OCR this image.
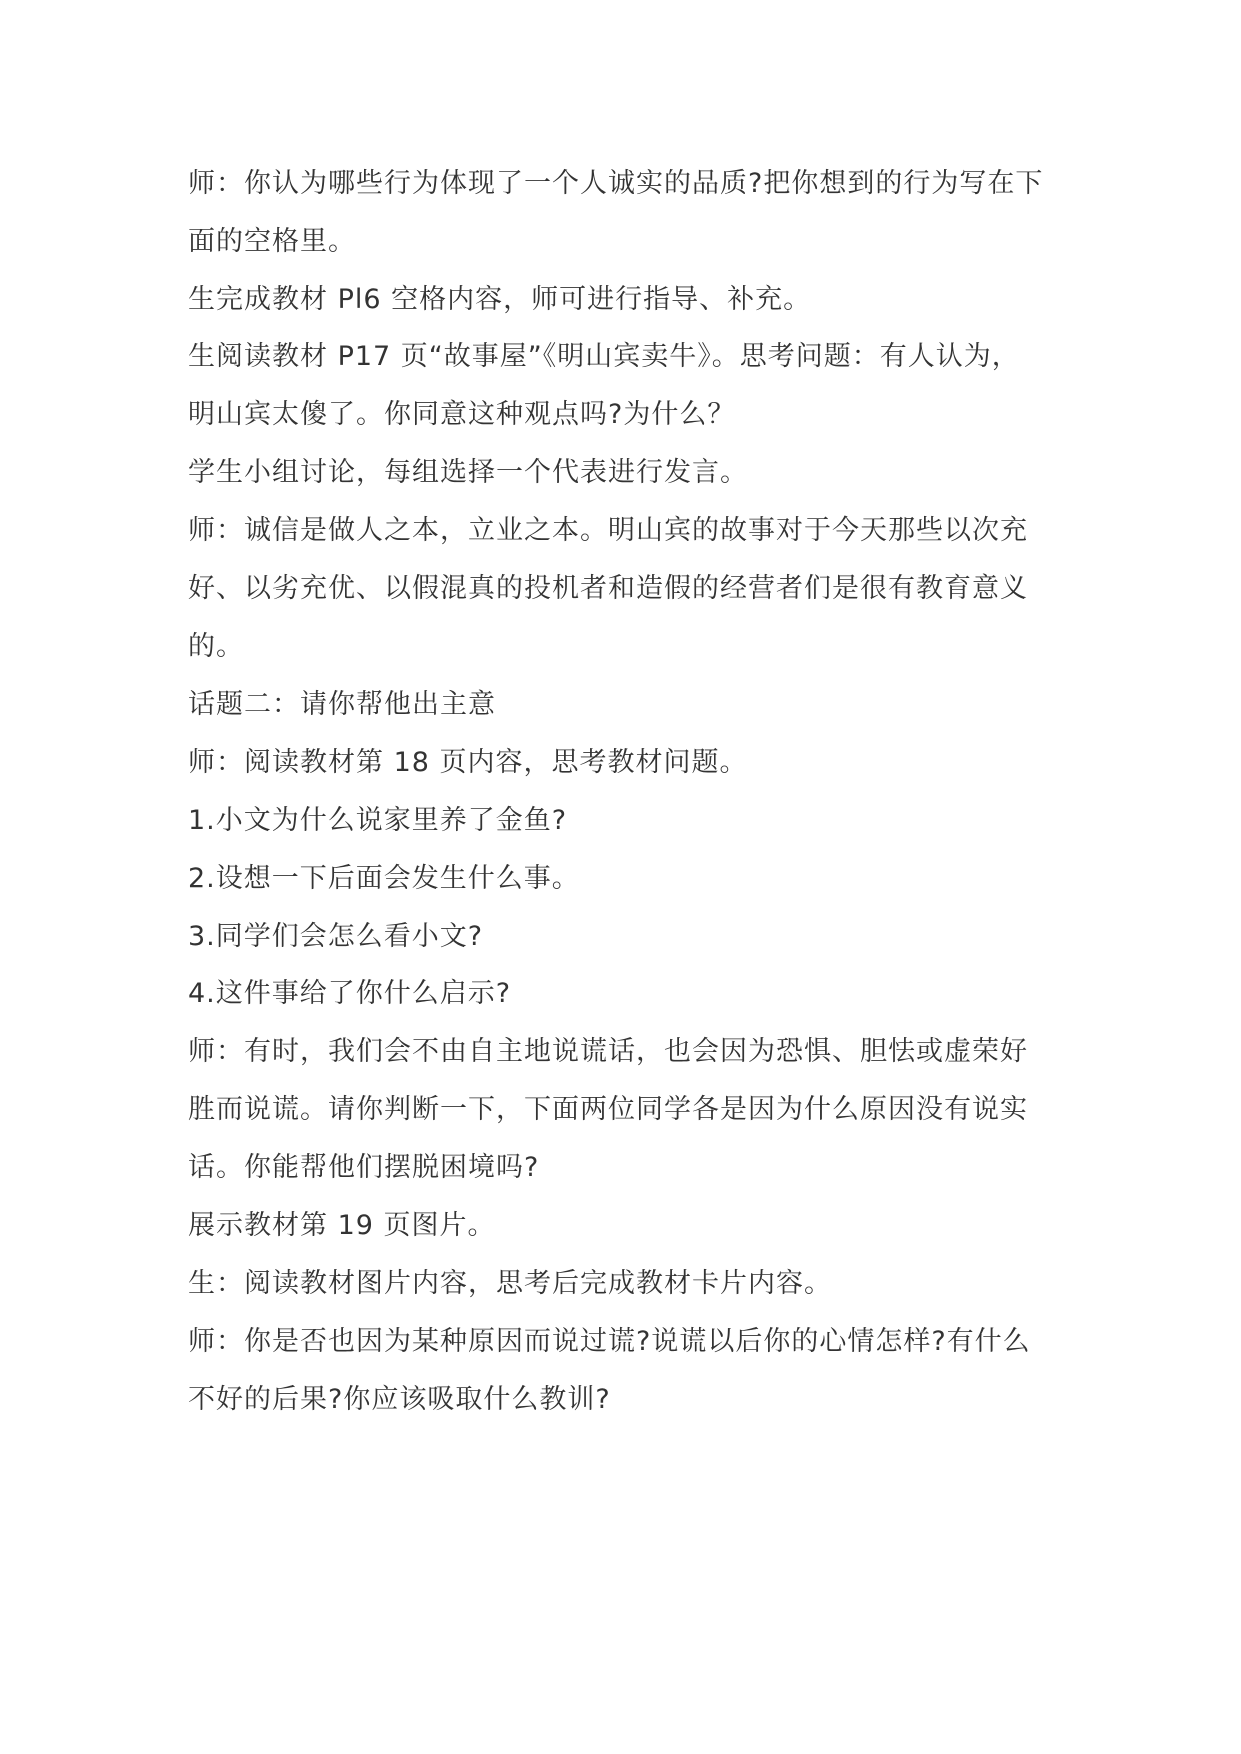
师：你认为哪些行为体现了一个人诚实的品质?把你想到的行为写在下
面的空格里。
生完成教材 Pl6 空格内容，师可进行指导、补充。
生阅读教材 P17 页“故事屋”《明山宾卖牛》。思考问题：有人认为，
明山宾太傻了。你同意这种观点吗?为什么？
学生小组讨论，每组选择一个代表进行发言。
师：诚信是做人之本，立业之本。明山宾的故事对于今天那些以次充
好、以劣充优、以假混真的投机者和造假的经营者们是很有教育意义
的。
话题二：请你帮他出主意
师：阅读教材第 18 页内容，思考教材问题。
1.小文为什么说家里养了金鱼?
2.设想一下后面会发生什么事。
3.同学们会怎么看小文?
4.这件事给了你什么启示?
师：有时，我们会不由自主地说谎话，也会因为恐惧、胆怯或虚荣好
胜而说谎。请你判断一下，下面两位同学各是因为什么原因没有说实
话。你能帮他们摆脱困境吗?
展示教材第 19 页图片。
生：阅读教材图片内容，思考后完成教材卡片内容。
师：你是否也因为某种原因而说过谎?说谎以后你的心情怎样?有什么
不好的后果?你应该吸取什么教训?
